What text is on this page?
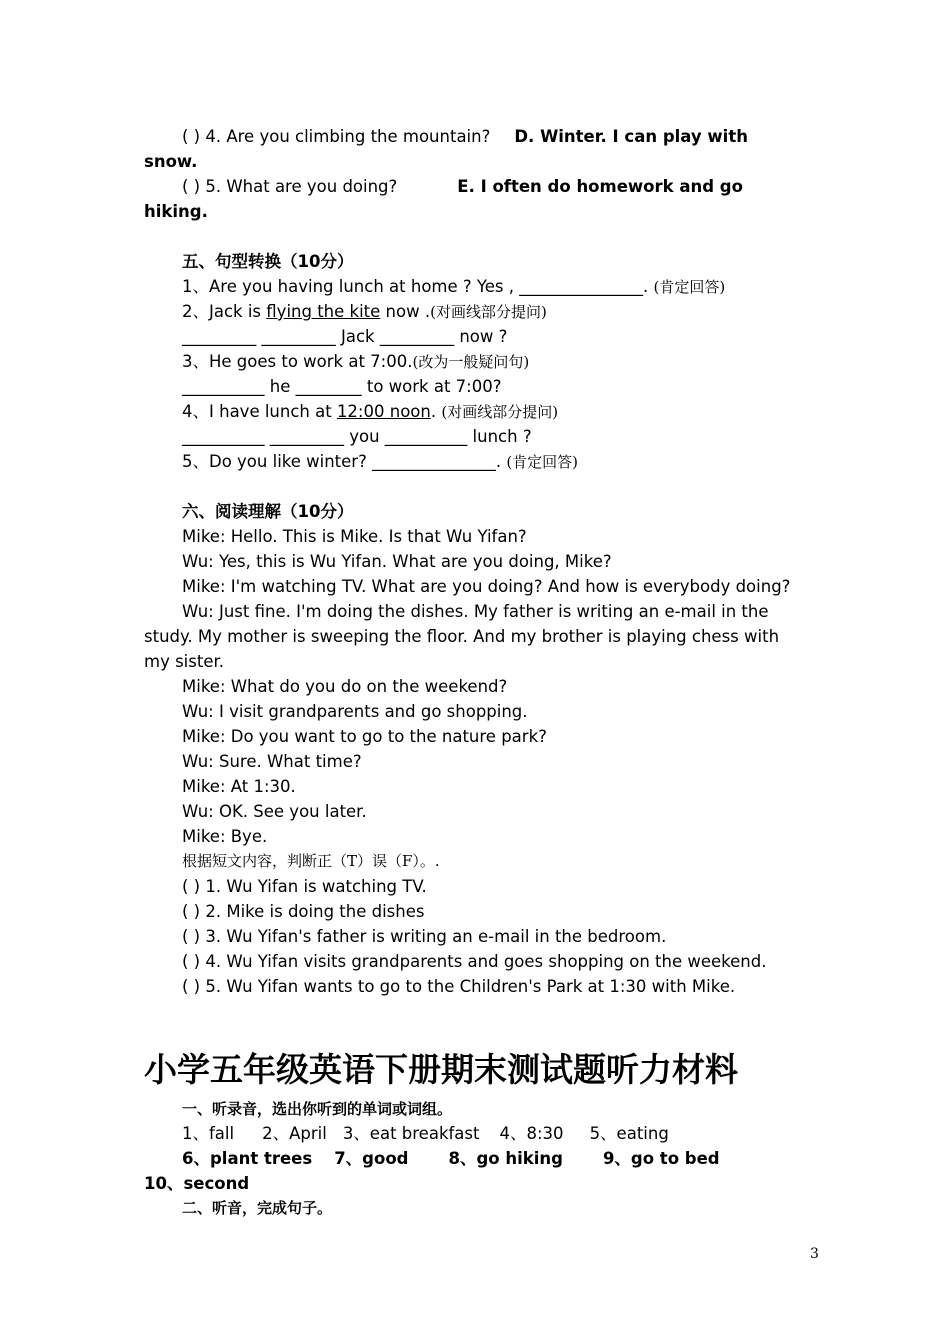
( ) 4. Are you climbing the mountain? D. Winter. I can play with
snow.
( ) 5. What are you doing?	E. I often do homework and go
hiking.
五、句型转换（10分）
1、Are you having lunch at home ? Yes , _______________. (肯定回答)
2、Jack is flying the kite now .(对画线部分提问)
_________ _________ Jack _________ now ?
3、He goes to work at 7:00.(改为一般疑问句)
__________ he ________ to work at 7:00?
4、I have lunch at 12:00 noon. (对画线部分提问)
__________ _________ you __________ lunch ?
5、Do you like winter? _______________. (肯定回答)
六、阅读理解（10分）
Mike: Hello. This is Mike. Is that Wu Yifan?
Wu: Yes, this is Wu Yifan. What are you doing, Mike?
Mike: I'm watching TV. What are you doing? And how is everybody doing?
Wu: Just fine. I'm doing the dishes. My father is writing an e-mail in the
study. My mother is sweeping the floor. And my brother is playing chess with
my sister.
Mike: What do you do on the weekend?
Wu: I visit grandparents and go shopping.
Mike: Do you want to go to the nature park?
Wu: Sure. What time?
Mike: At 1:30.
Wu: OK. See you later.
Mike: Bye.
根据短文内容，判断正（T）误（F）。.
( ) 1. Wu Yifan is watching TV.
( ) 2. Mike is doing the dishes
( ) 3. Wu Yifan's father is writing an e-mail in the bedroom.
( ) 4. Wu Yifan visits grandparents and goes shopping on the weekend.
( ) 5. Wu Yifan wants to go to the Children's Park at 1:30 with Mike.
小学五年级英语下册期末测试题听力材料
一、听录音，选出你听到的单词或词组。
1、fall 2、April 3、eat breakfast 4、8:30 5、eating
6、plant trees 7、good 8、go hiking 9、go to bed
10、second
二、听音，完成句子。
3
